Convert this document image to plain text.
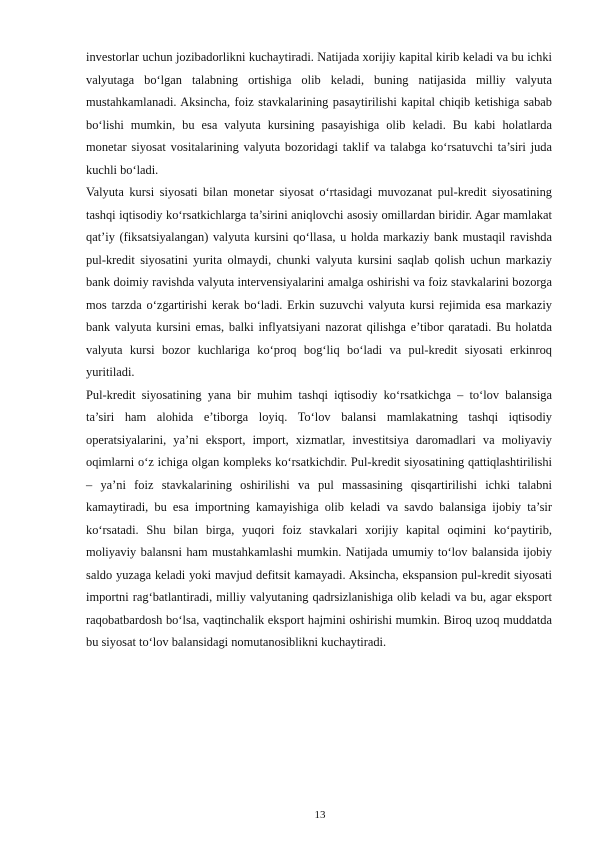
investorlar uchun jozibadorlikni kuchaytiradi. Natijada xorijiy kapital kirib keladi va bu ichki valyutaga bo‘lgan talabning ortishiga olib keladi, buning natijasida milliy valyuta mustahkamlanadi. Aksincha, foiz stavkalarining pasaytirilishi kapital chiqib ketishiga sabab bo‘lishi mumkin, bu esa valyuta kursining pasayishiga olib keladi. Bu kabi holatlarda monetar siyosat vositalarining valyuta bozoridagi taklif va talabga ko‘rsatuvchi ta’siri juda kuchli bo‘ladi.

Valyuta kursi siyosati bilan monetar siyosat o‘rtasidagi muvozanat pul-kredit siyosatining tashqi iqtisodiy ko‘rsatkichlarga ta’sirini aniqlovchi asosiy omillardan biridir. Agar mamlakat qat’iy (fiksatsiyalangan) valyuta kursini qo‘llasa, u holda markaziy bank mustaqil ravishda pul-kredit siyosatini yurita olmaydi, chunki valyuta kursini saqlab qolish uchun markaziy bank doimiy ravishda valyuta intervensiyalarini amalga oshirishi va foiz stavkalarini bozorga mos tarzda o‘zgartirishi kerak bo‘ladi. Erkin suzuvchi valyuta kursi rejimida esa markaziy bank valyuta kursini emas, balki inflyatsiyani nazorat qilishga e’tibor qaratadi. Bu holatda valyuta kursi bozor kuchlariga ko‘proq bog‘liq bo‘ladi va pul-kredit siyosati erkinroq yuritiladi.

Pul-kredit siyosatining yana bir muhim tashqi iqtisodiy ko‘rsatkichga – to‘lov balansiga ta’siri ham alohida e’tiborga loyiq. To‘lov balansi mamlakatning tashqi iqtisodiy operatsiyalarini, ya’ni eksport, import, xizmatlar, investitsiya daromadlari va moliyaviy oqimlarni o‘z ichiga olgan kompleks ko‘rsatkichdir. Pul-kredit siyosatining qattiqlashtirilishi – ya’ni foiz stavkalarining oshirilishi va pul massasining qisqartirilishi ichki talabni kamaytiradi, bu esa importning kamayishiga olib keladi va savdo balansiga ijobiy ta’sir ko‘rsatadi. Shu bilan birga, yuqori foiz stavkalari xorijiy kapital oqimini ko‘paytirib, moliyaviy balansni ham mustahkamlashi mumkin. Natijada umumiy to‘lov balansida ijobiy saldo yuzaga keladi yoki mavjud defitsit kamayadi. Aksincha, ekspansion pul-kredit siyosati importni rag‘batlantiradi, milliy valyutaning qadrsizlanishiga olib keladi va bu, agar eksport raqobatbardosh bo‘lsa, vaqtinchalik eksport hajmini oshirishi mumkin. Biroq uzoq muddatda bu siyosat to‘lov balansidagi nomutanosiblikni kuchaytiradi.

13
